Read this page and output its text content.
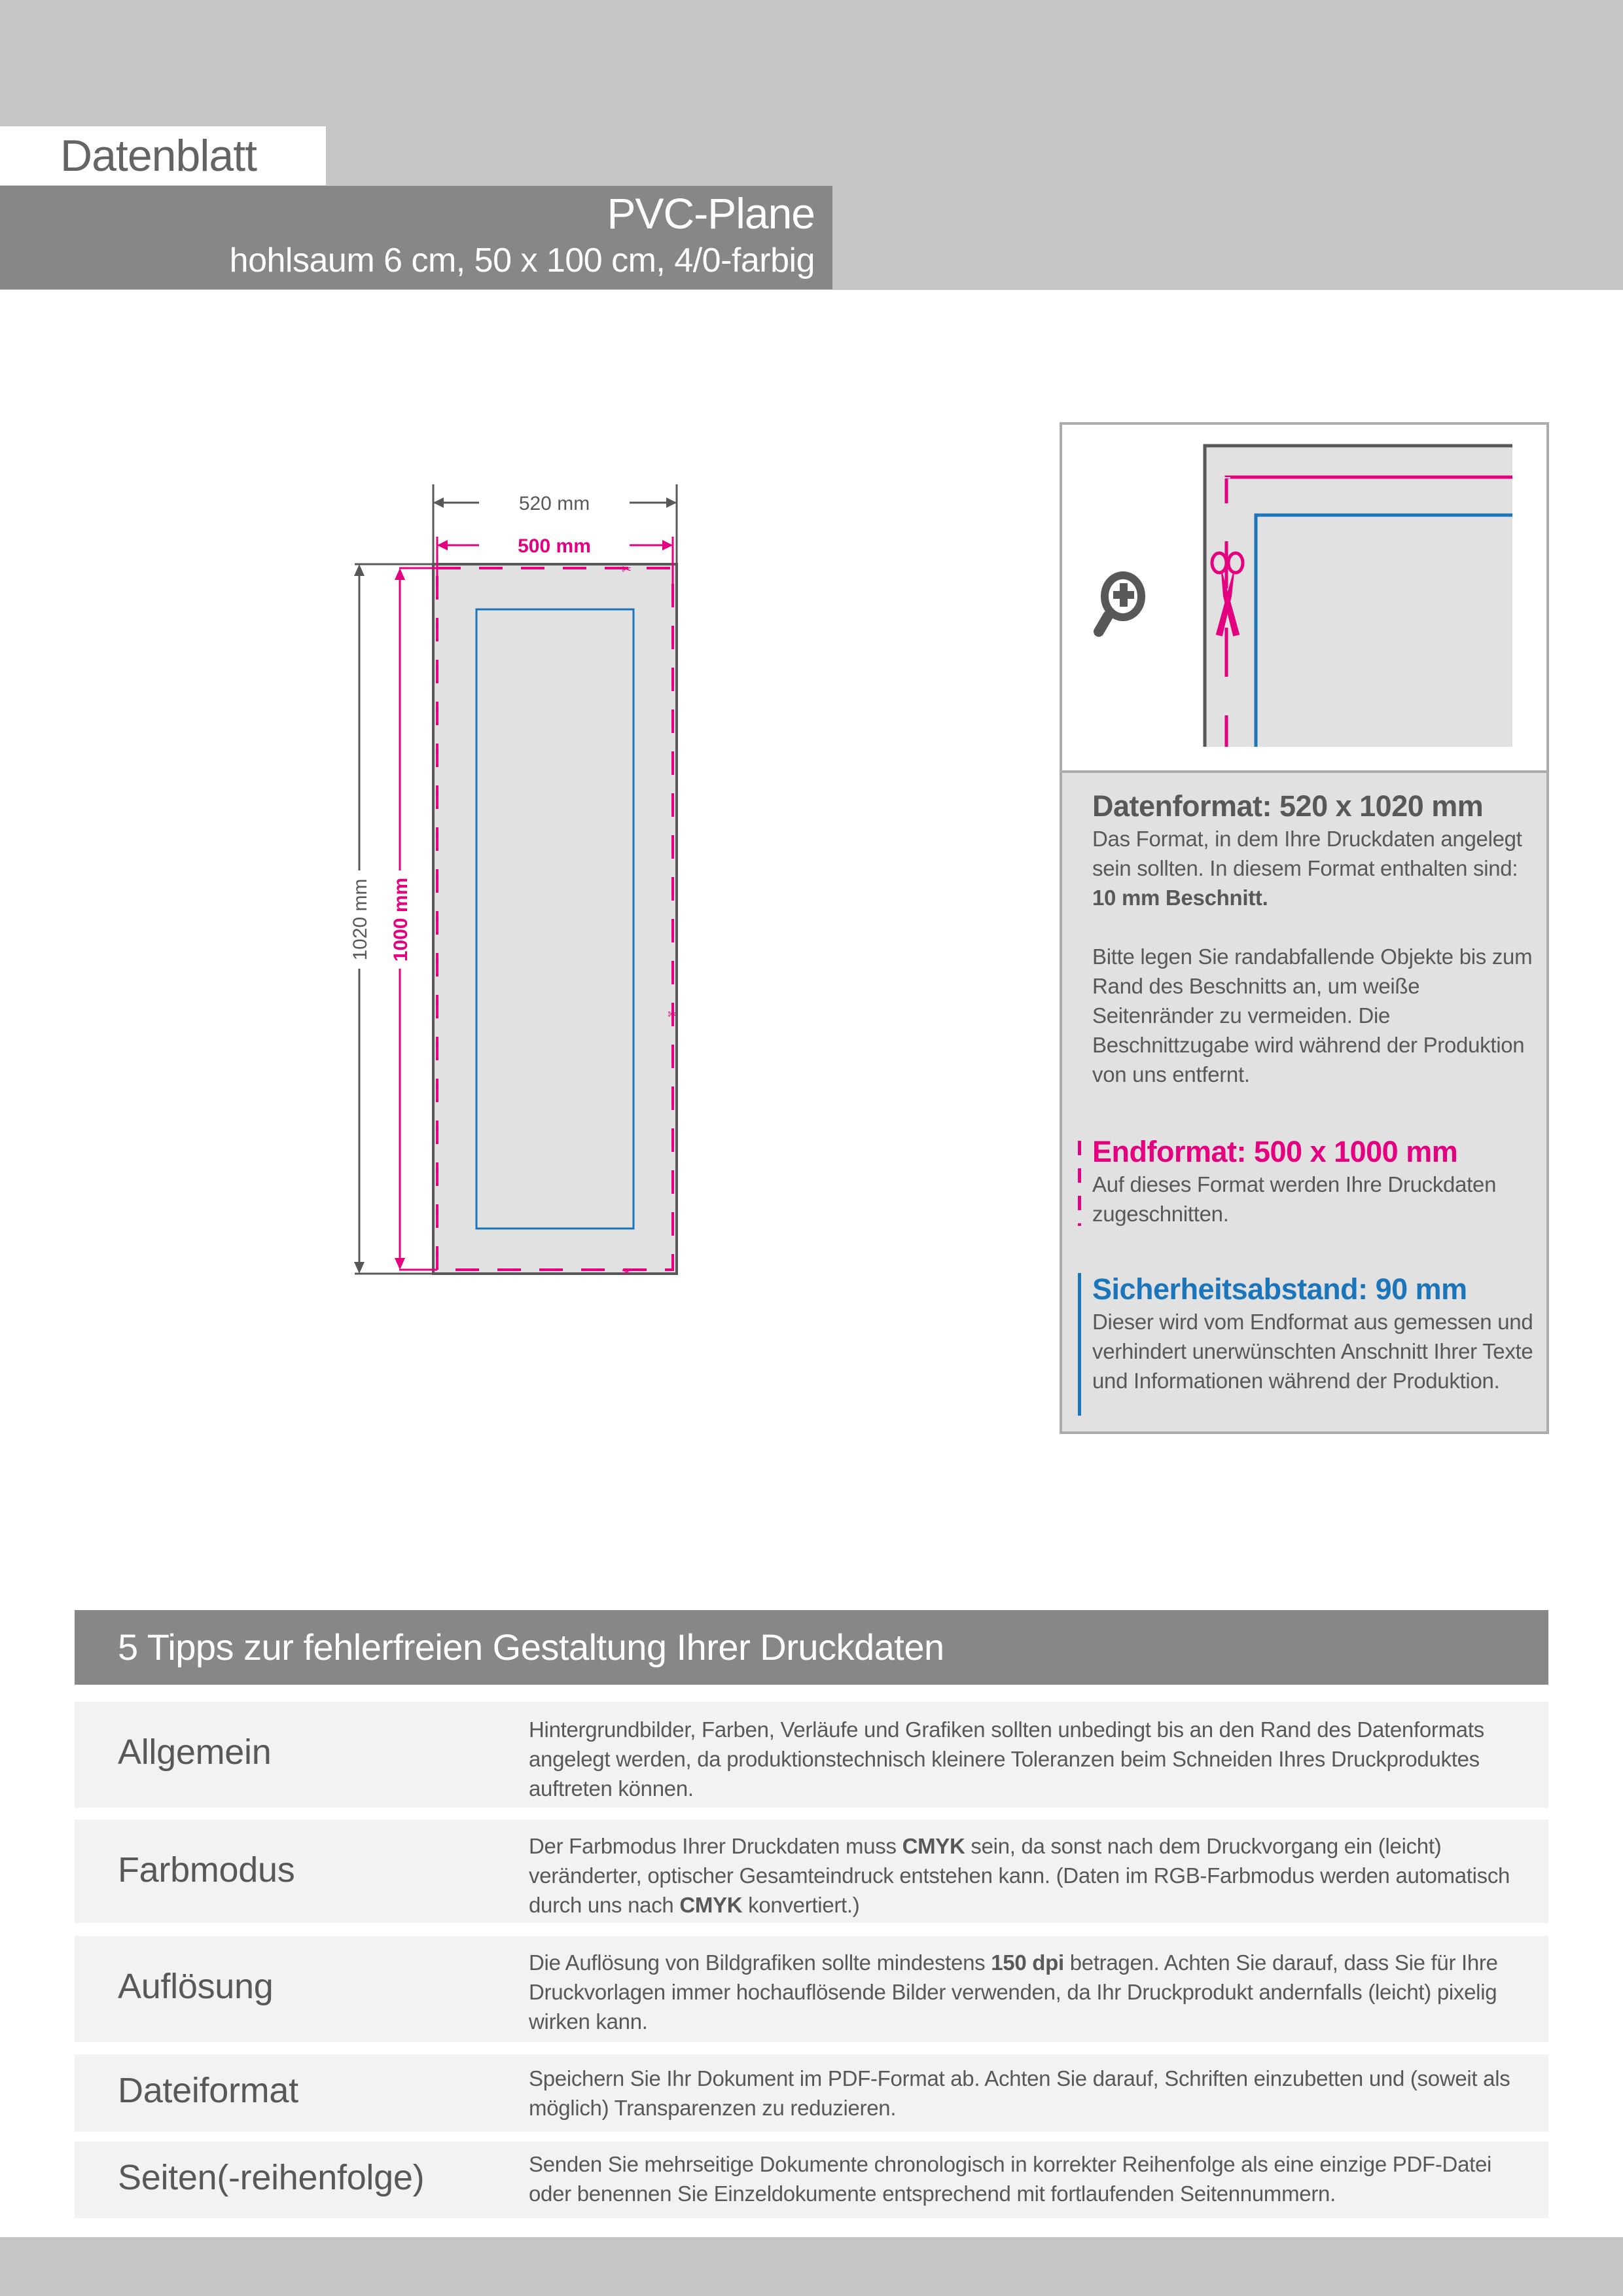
Datenblatt
PVC-Plane
hohlsaum 6 cm, 50 x 100 cm, 4/0-farbig
✂
✂
✂
520 mm
500 mm
1020 mm 1000 mm
Datenformat: 520 x 1020 mm
Das Format, in dem Ihre Druckdaten angelegt sein sollten. In diesem Format enthalten sind: 10 mm Beschnitt.
Bitte legen Sie randabfallende Objekte bis zum Rand des Beschnitts an, um weiße Seitenränder zu vermeiden. Die Beschnittzugabe wird während der Produktion von uns entfernt.
Endformat: 500 x 1000 mm
Auf dieses Format werden Ihre Druckdaten zugeschnitten.
Sicherheitsabstand: 90 mm
Dieser wird vom Endformat aus gemessen und verhindert unerwünschten Anschnitt Ihrer Texte und Informationen während der Produktion.
5 Tipps zur fehlerfreien Gestaltung Ihrer Druckdaten
Allgemein
Hintergrundbilder, Farben, Verläufe und Grafiken sollten unbedingt bis an den Rand des Datenformats angelegt werden, da produktionstechnisch kleinere Toleranzen beim Schneiden Ihres Druckproduktes auftreten können.
Farbmodus
Der Farbmodus Ihrer Druckdaten muss CMYK sein, da sonst nach dem Druckvorgang ein (leicht) veränderter, optischer Gesamteindruck entstehen kann. (Daten im RGB-Farbmodus werden automatisch durch uns nach CMYK konvertiert.)
Auflösung
Die Auflösung von Bildgrafiken sollte mindestens 150 dpi betragen. Achten Sie darauf, dass Sie für Ihre Druckvorlagen immer hochauflösende Bilder verwenden, da Ihr Druckprodukt andernfalls (leicht) pixelig wirken kann.
Dateiformat	Speichern Sie Ihr Dokument im PDF-Format ab. Achten Sie darauf, Schriften einzubetten und (soweit als möglich) Transparenzen zu reduzieren.
Seiten(-reihenfolge)	Senden Sie mehrseitige Dokumente chronologisch in korrekter Reihenfolge als eine einzige PDF-Datei oder benennen Sie Einzeldokumente entsprechend mit fortlaufenden Seitennummern.
